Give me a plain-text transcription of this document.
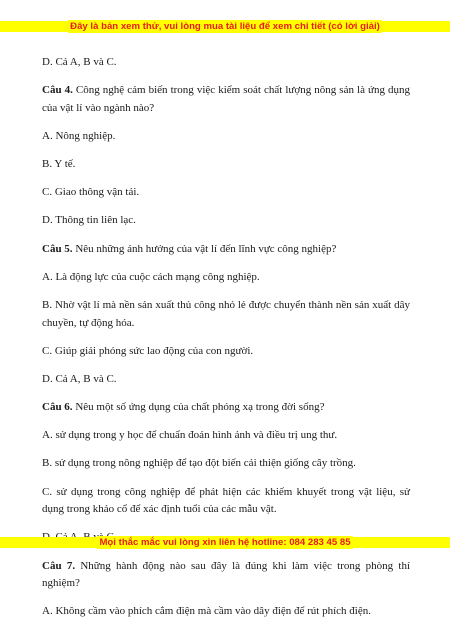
Đây là bản xem thử, vui lòng mua tài liệu để xem chi tiết (có lời giải)

D. Cả A, B và C.

Câu 4. Công nghệ cảm biến trong việc kiểm soát chất lượng nông sản là ứng dụng của vật lí vào ngành nào?

A. Nông nghiệp.

B. Y tế.

C. Giao thông vận tải.

D. Thông tin liên lạc.

Câu 5. Nêu những ảnh hưởng của vật lí đến lĩnh vực công nghiệp?

A. Là động lực của cuộc cách mạng công nghiệp.

B. Nhờ vật lí mà nền sản xuất thủ công nhỏ lẻ được chuyển thành nền sản xuất dây chuyền, tự động hóa.

C. Giúp giải phóng sức lao động của con người.

D. Cả A, B và C.

Câu 6. Nêu một số ứng dụng của chất phóng xạ trong đời sống?

A. sử dụng trong y học để chuẩn đoán hình ảnh và điều trị ung thư.

B. sử dụng trong nông nghiệp để tạo đột biến cải thiện giống cây trồng.

C. sử dụng trong công nghiệp để phát hiện các khiếm khuyết trong vật liệu, sử dụng trong khảo cổ để xác định tuổi của các mẫu vật.

Câu 7. Những hành động nào sau đây là đúng khi làm việc trong phòng thí nghiệm?

A. Không cầm vào phích cắm điện mà cầm vào dây điện để rút phích điện.

Mọi thắc mắc vui lòng xin liên hệ hotline: 084 283 45 85
